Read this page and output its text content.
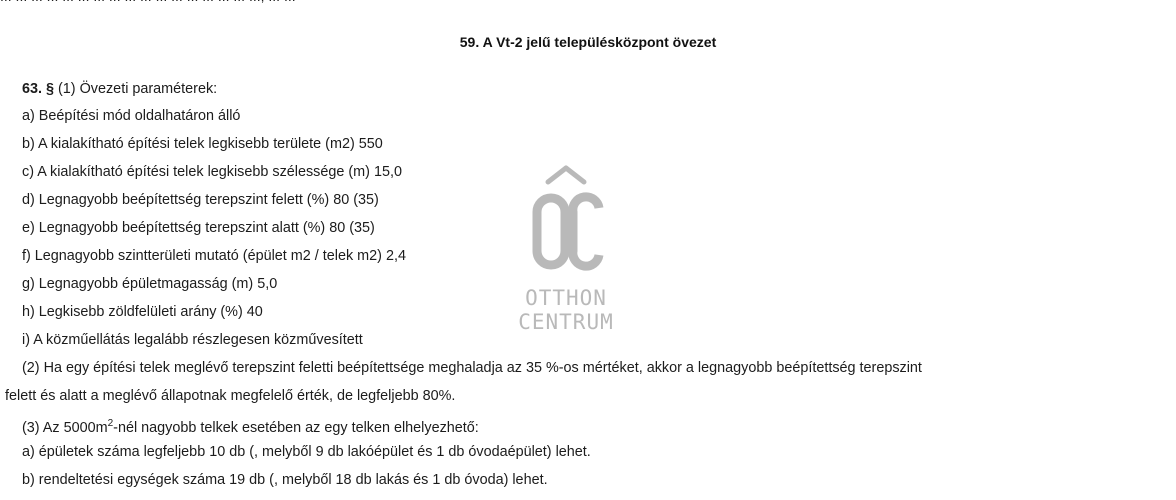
59. A Vt-2 jelű településközpont övezet
63. § (1) Övezeti paraméterek:
a) Beépítési mód oldalhatáron álló
b) A kialakítható építési telek legkisebb területe (m2) 550
c) A kialakítható építési telek legkisebb szélessége (m) 15,0
d) Legnagyobb beépítettség terepszint felett (%) 80 (35)
e) Legnagyobb beépítettség terepszint alatt (%) 80 (35)
f) Legnagyobb szintterületi mutató (épület m2 / telek m2) 2,4
g) Legnagyobb épületmagasság (m) 5,0
h) Legkisebb zöldfelületi arány (%) 40
i) A közműellátás legalább részlegesen közművesített
(2) Ha egy építési telek meglévő terepszint feletti beépítettsége meghaladja az 35 %-os mértéket, akkor a legnagyobb beépítettség terepszint
felett és alatt a meglévő állapotnak megfelelő érték, de legfeljebb 80%.
(3) Az $5000m^2$-nél nagyobb telkek esetében az egy telken elhelyezhető:
a) épületek száma legfeljebb 10 db (, melyből 9 db lakóépület és 1 db óvodaépület) lehet.
b) rendeltetési egységek száma 19 db (, melyből 18 db lakás és 1 db óvoda) lehet.
OTTHON
CENTRUM
